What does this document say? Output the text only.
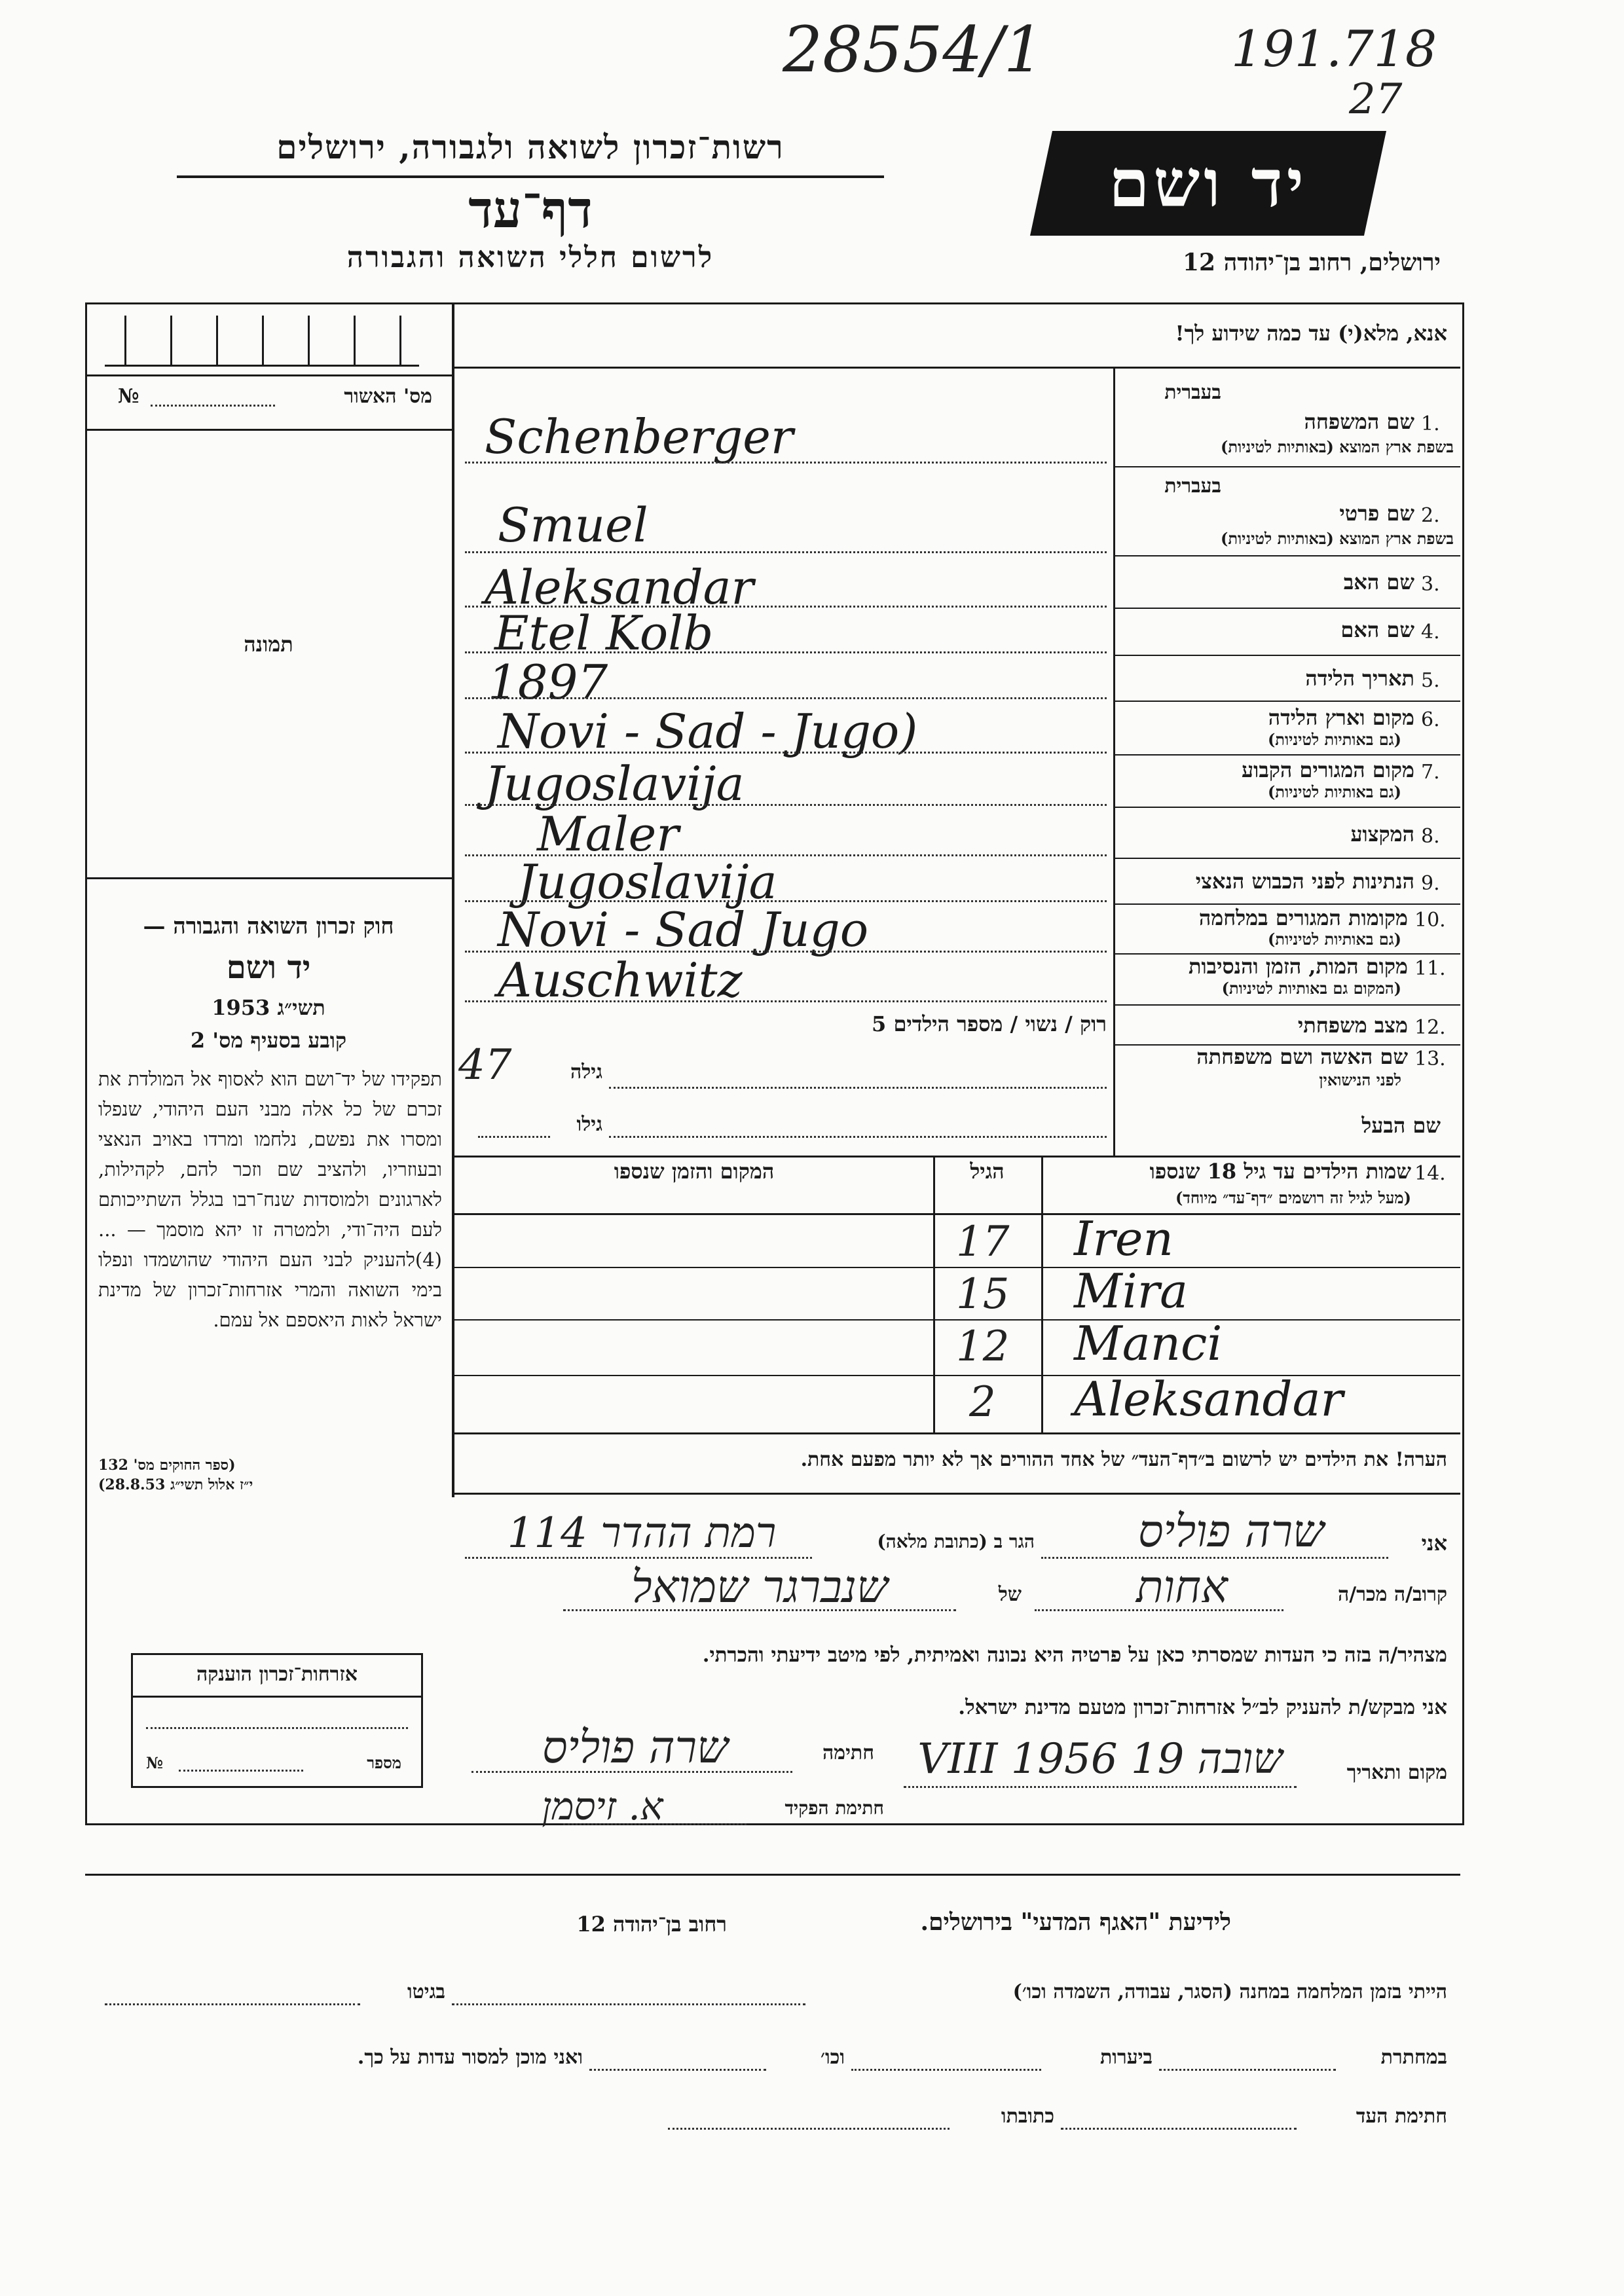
28554/1	191.718
27
רשות־זכרון לשואה ולגבורה, ירושלים
דף־עד
לרשום חללי השואה והגבורה
יד ושם
ירושלים, רחוב בן־יהודה 12
מס' האשור
№
תמונה
חוק זכרון השואה והגבורה —
יד ושם
תשי״ג 1953
קובע בסעיף מס' 2
תפקידו של יד־ושם הוא לאסוף אל המולדת את זכרם של כל אלה מבני העם היהודי, שנפלו ומסרו את נפשם, נלחמו ומרדו באויב הנאצי ובעוזריו, ולהציב שם וזכר להם, לקהילות, לארגונים ולמוסדות שנח־רבו בגלל השתייכותם לעם היה־ודי, ולמטרה זו יהא מוסמך — ...(4)להעניק לבני העם היהודי שהושמדו ונפלו בימי השואה והמרי אזרחות־זכרון של מדינת ישראל לאות היאספם אל עמם.
(ספר החוקים מס' 132
י״ז אלול תשי״ג 28.8.53)
אנא, מלא(י) עד כמה שידוע לך!
בעברית
1.
שם המשפחה
בשפת ארץ המוצא (באותיות לטיניות)
Schenberger
בעברית
2.
שם פרטי
בשפת ארץ המוצא (באותיות לטיניות)
Smuel
3.
שם האב
Aleksandar
4.
שם האם
Etel Kolb
5.
תאריך הלידה
1897
6.
מקום וארץ הלידה
(גם באותיות לטיניות)
Novi - Sad - Jugo)
7.
מקום המגורים הקבוע
(גם באותיות לטיניות)
Jugoslavija
8.
המקצוע
Maler
9.
הנתינות לפני הכבוש הנאצי
Jugoslavija
10.
מקומות המגורים במלחמה
(גם באותיות לטיניות)
Novi - Sad Jugo
11.
מקום המות, הזמן והנסיבות
(המקום גם באותיות לטיניות)
Auschwitz
12.
מצב משפחתי
רוק / נשוי / מספר הילדים 5
13.
שם האשה ושם משפחתה
לפני הנישואין
גילה
47
שם הבעל
גילו
14.
שמות הילדים עד גיל 18 שנספו
(מעל לגיל זה רושמים ״דף־עד״ מיוחד)
הגיל
המקום והזמן שנספו
Iren
17
Mira
15
Manci
12
Aleksandar
2
הערה! את הילדים יש לרשום ב״דף־העד״ של אחד ההורים אך לא יותר מפעם אחת.
אני
שרה פוליס
הגר ב (כתובת מלאה)
רמת ההדר 114
קרוב/ה מכר/ה
אחות
של
שנברגר שמואל
מצהיר/ה בזה כי העדות שמסרתי כאן על פרטיה היא נכונה ואמיתית, לפי מיטב ידיעתי והכרתי.
אני מבקש/ת להעניק לב״ל אזרחות־זכרון מטעם מדינת ישראל.
מקום ותאריך
שובה 19 VIII 1956
חתימה
שרה פוליס
חתימת הפקיד
א. זיסמן
אזרחות־זכרון הוענקה
מספר
№
לידיעת "האגף המדעי" בירושלים.
רחוב בן־יהודה 12
הייתי בזמן המלחמה במחנה (הסגר, עבודה, השמדה וכו׳)
בגיטו
במחתרת
ביערות
וכו׳
ואני מוכן למסור עדות על כך.
חתימת העד
כתובתו
